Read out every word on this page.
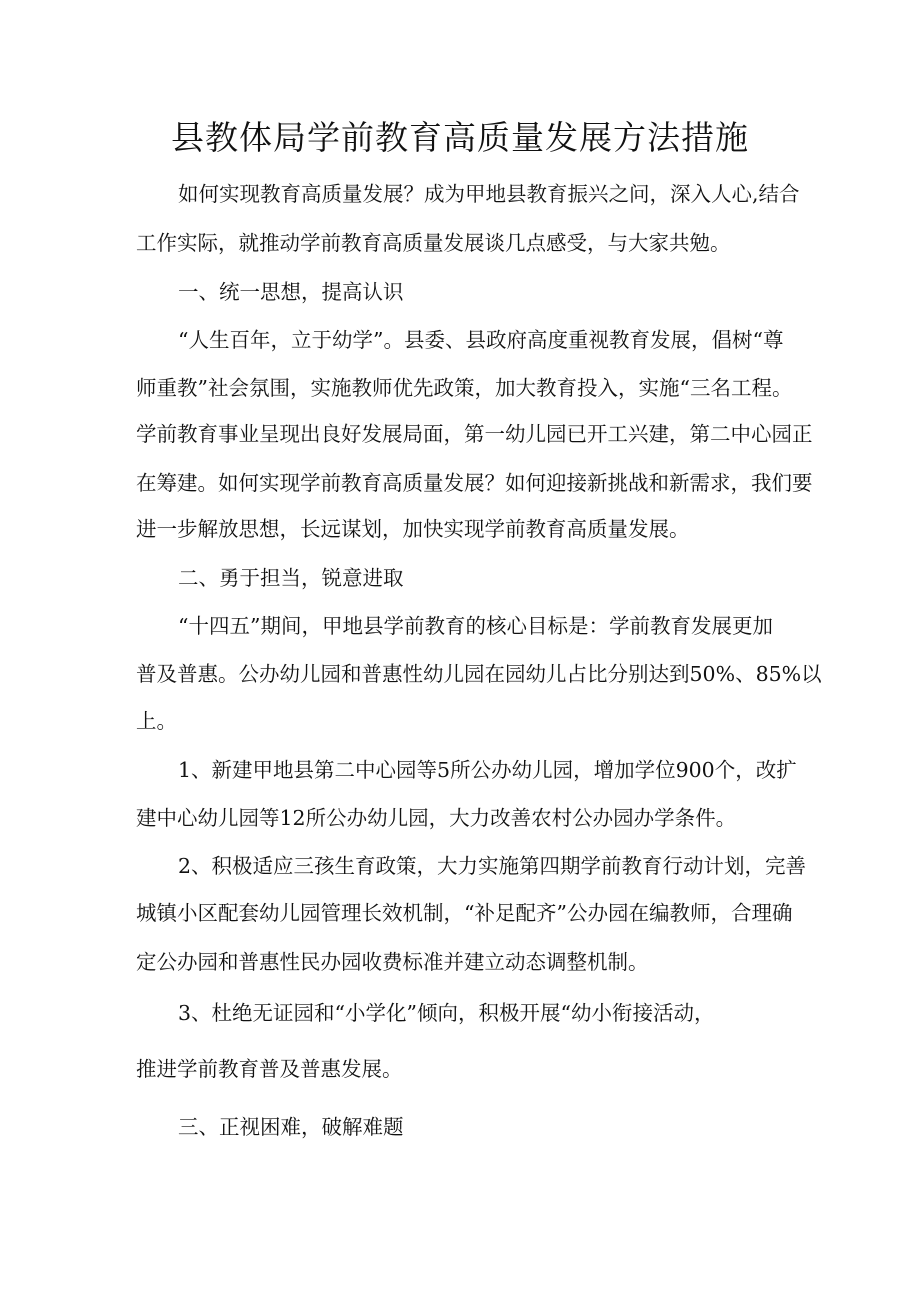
县教体局学前教育高质量发展方法措施
如何实现教育高质量发展？成为甲地县教育振兴之问，深入人心,结合
工作实际，就推动学前教育高质量发展谈几点感受，与大家共勉。
一、统一思想，提高认识
“人生百年，立于幼学”。县委、县政府高度重视教育发展，倡树“尊
师重教”社会氛围，实施教师优先政策，加大教育投入，实施“三名工程。
学前教育事业呈现出良好发展局面，第一幼儿园已开工兴建，第二中心园正
在筹建。如何实现学前教育高质量发展？如何迎接新挑战和新需求，我们要
进一步解放思想，长远谋划，加快实现学前教育高质量发展。
二、勇于担当，锐意进取
“十四五”期间，甲地县学前教育的核心目标是：学前教育发展更加
普及普惠。公办幼儿园和普惠性幼儿园在园幼儿占比分别达到50%、85%以
上。
1、新建甲地县第二中心园等5所公办幼儿园，增加学位900个，改扩
建中心幼儿园等12所公办幼儿园，大力改善农村公办园办学条件。
2、积极适应三孩生育政策，大力实施第四期学前教育行动计划，完善
城镇小区配套幼儿园管理长效机制，“补足配齐”公办园在编教师，合理确
定公办园和普惠性民办园收费标准并建立动态调整机制。
3、杜绝无证园和“小学化”倾向，积极开展“幼小衔接活动，
推进学前教育普及普惠发展。
三、正视困难，破解难题
